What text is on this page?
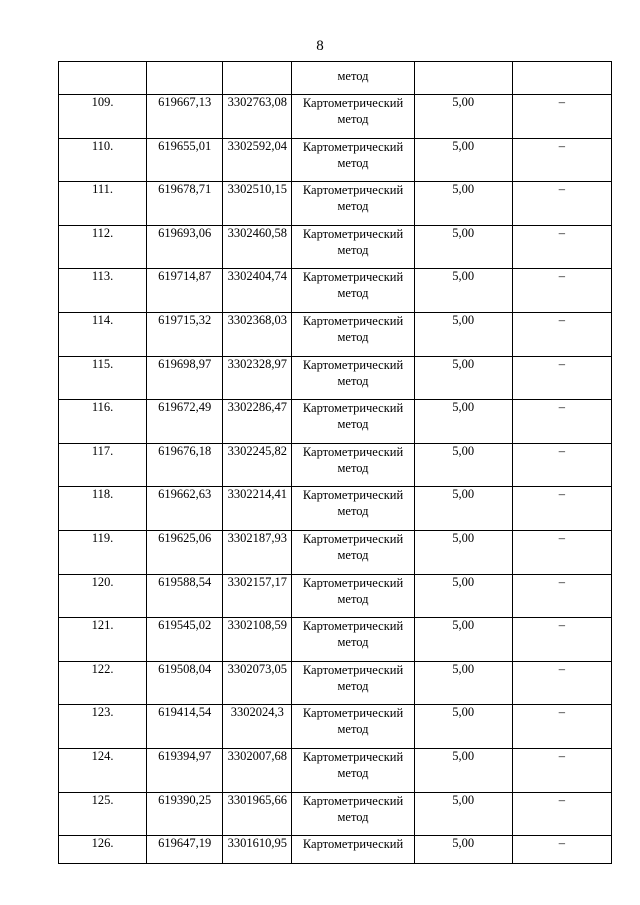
8
			метод		
109.	619667,13	3302763,08	Картометрический
метод	5,00	–
110.	619655,01	3302592,04	Картометрический
метод	5,00	–
111.	619678,71	3302510,15	Картометрический
метод	5,00	–
112.	619693,06	3302460,58	Картометрический
метод	5,00	–
113.	619714,87	3302404,74	Картометрический
метод	5,00	–
114.	619715,32	3302368,03	Картометрический
метод	5,00	–
115.	619698,97	3302328,97	Картометрический
метод	5,00	–
116.	619672,49	3302286,47	Картометрический
метод	5,00	–
117.	619676,18	3302245,82	Картометрический
метод	5,00	–
118.	619662,63	3302214,41	Картометрический
метод	5,00	–
119.	619625,06	3302187,93	Картометрический
метод	5,00	–
120.	619588,54	3302157,17	Картометрический
метод	5,00	–
121.	619545,02	3302108,59	Картометрический
метод	5,00	–
122.	619508,04	3302073,05	Картометрический
метод	5,00	–
123.	619414,54	3302024,3	Картометрический
метод	5,00	–
124.	619394,97	3302007,68	Картометрический
метод	5,00	–
125.	619390,25	3301965,66	Картометрический
метод	5,00	–
126.	619647,19	3301610,95	Картометрический	5,00	–
